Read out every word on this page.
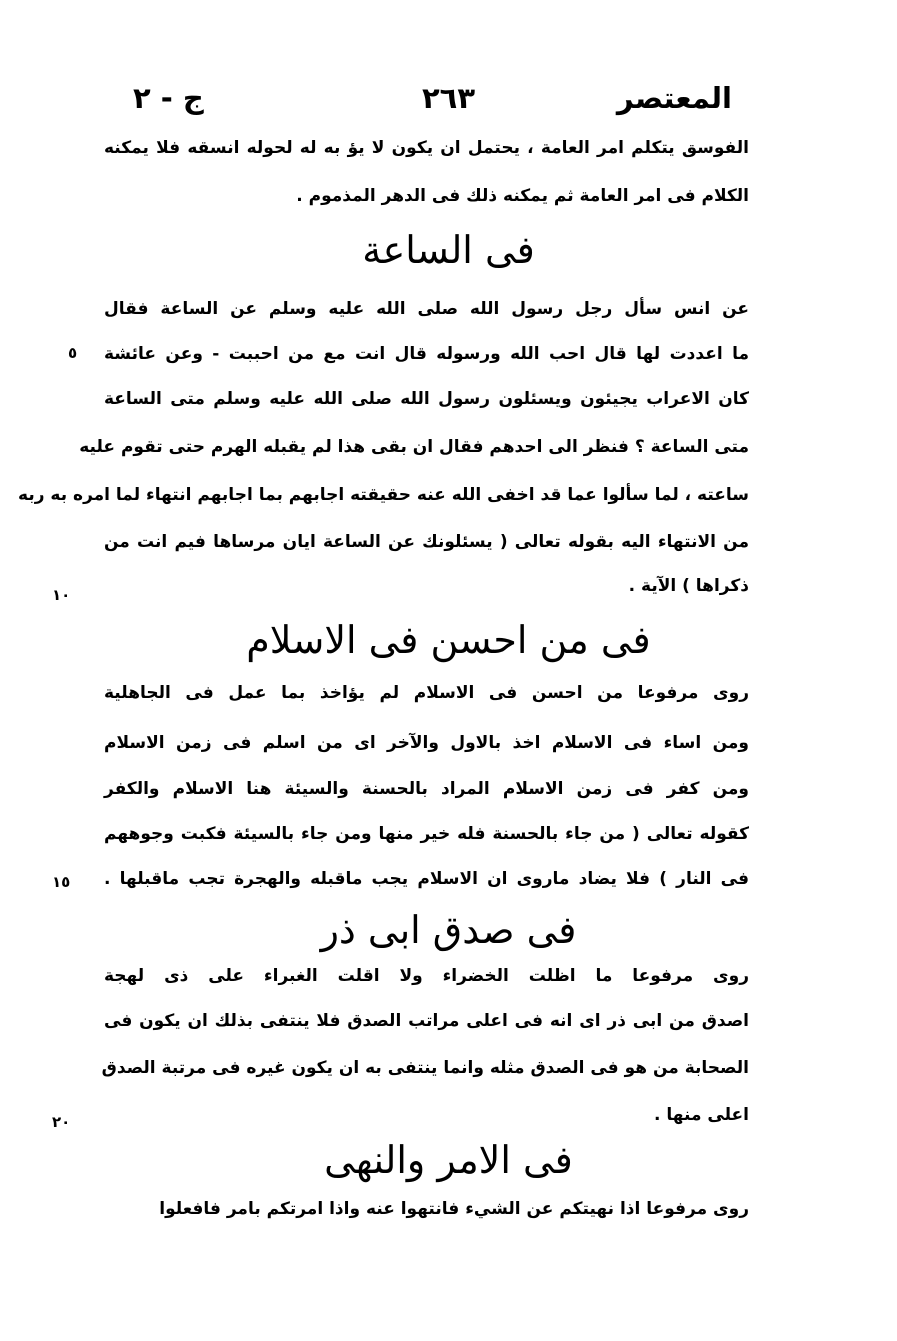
المعتصر
٢٦٣
ج - ٢
الفوسق يتكلم امر العامة ، يحتمل ان يكون لا يؤ به له لحوله انسقه فلا يمكنه
الكلام فى امر العامة ثم يمكنه ذلك فى الدهر المذموم .
فى الساعة
عن انس سأل رجل رسول الله صلى الله عليه وسلم عن الساعة فقال
ما اعددت لها قال احب الله ورسوله قال انت مع من احببت - وعن عائشة
كان الاعراب يجيئون ويسئلون رسول الله صلى الله عليه وسلم متى الساعة
متى الساعة ؟ فنظر الى احدهم فقال ان بقى هذا لم يقبله الهرم حتى تقوم عليه
ساعته ، لما سألوا عما قد اخفى الله عنه حقيقته اجابهم بما اجابهم انتهاء لما امره به ربه
من الانتهاء اليه بقوله تعالى ( يسئلونك عن الساعة ايان مرساها فيم انت من
ذكراها ) الآية .
فى من احسن فى الاسلام
روى مرفوعا من احسن فى الاسلام لم يؤاخذ بما عمل فى الجاهلية
ومن اساء فى الاسلام اخذ بالاول والآخر اى من اسلم فى زمن الاسلام
ومن كفر فى زمن الاسلام المراد بالحسنة والسيئة هنا الاسلام والكفر
كقوله تعالى ( من جاء بالحسنة فله خير منها ومن جاء بالسيئة فكبت وجوههم
فى النار ) فلا يضاد ماروى ان الاسلام يجب ماقبله والهجرة تجب ماقبلها .
فى صدق ابى ذر
روى مرفوعا ما اظلت الخضراء ولا اقلت الغبراء على ذى لهجة
اصدق من ابى ذر اى انه فى اعلى مراتب الصدق فلا ينتفى بذلك ان يكون فى
الصحابة من هو فى الصدق مثله وانما ينتفى به ان يكون غيره فى مرتبة الصدق
اعلى منها .
فى الامر والنهى
روى مرفوعا اذا نهيتكم عن الشيء فانتهوا عنه واذا امرتكم بامر فافعلوا
٥
١٠
١٥
٢٠
